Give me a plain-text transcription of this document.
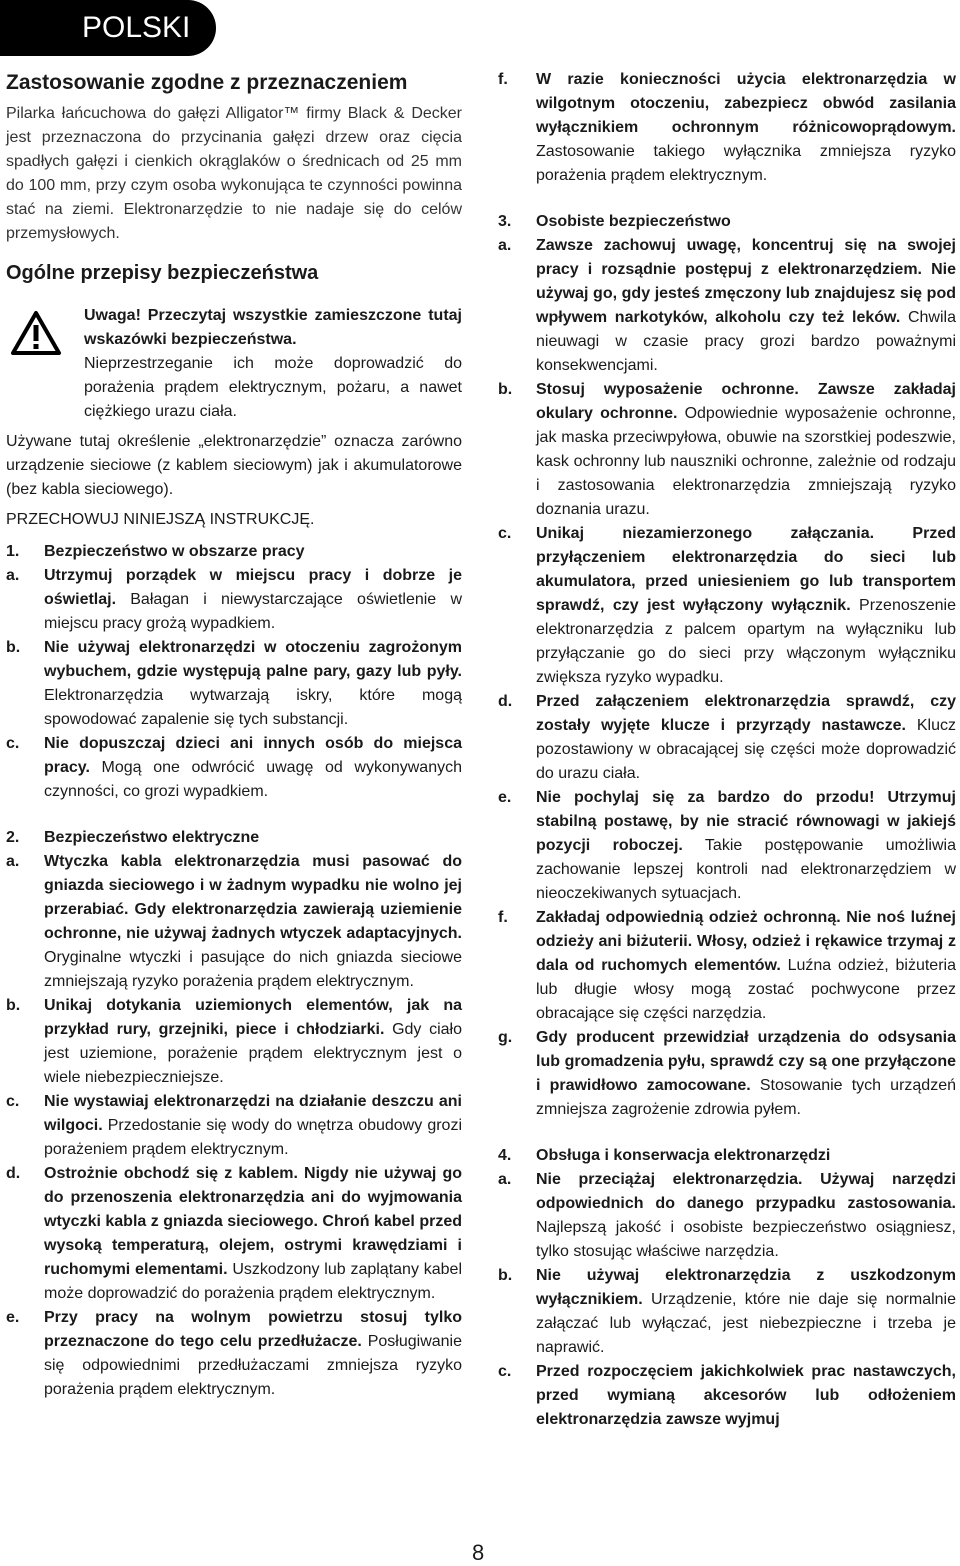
POLSKI

Zastosowanie zgodne z przeznaczeniem

Pilarka łańcuchowa do gałęzi Alligator™ firmy Black & Decker jest przeznaczona do przycinania gałęzi drzew oraz cięcia spadłych gałęzi i cienkich okrąglaków o średnicach od 25 mm do 100 mm, przy czym osoba wykonująca te czynności powinna stać na ziemi. Elektronarzędzie to nie nadaje się do celów przemysłowych.

Ogólne przepisy bezpieczeństwa

Uwaga! Przeczytaj wszystkie zamieszczone tutaj wskazówki bezpieczeństwa.

Nieprzestrzeganie ich może doprowadzić do porażenia prądem elektrycznym, pożaru, a nawet ciężkiego urazu ciała.

Używane tutaj określenie „elektronarzędzie” oznacza zarówno urządzenie sieciowe (z kablem sieciowym) jak i akumulatorowe (bez kabla sieciowego).

PRZECHOWUJ NINIEJSZĄ INSTRUKCJĘ.

1. Bezpieczeństwo w obszarze pracy

a. Utrzymuj porządek w miejscu pracy i dobrze je oświetlaj. Bałagan i niewystarczające oświetlenie w miejscu pracy grożą wypadkiem.

b. Nie używaj elektronarzędzi w otoczeniu zagrożonym wybuchem, gdzie występują palne pary, gazy lub pyły. Elektronarzędzia wytwarzają iskry, które mogą spowodować zapalenie się tych substancji.

c. Nie dopuszczaj dzieci ani innych osób do miejsca pracy. Mogą one odwrócić uwagę od wykonywanych czynności, co grozi wypadkiem.

2. Bezpieczeństwo elektryczne

a. Wtyczka kabla elektronarzędzia musi pasować do gniazda sieciowego i w żadnym wypadku nie wolno jej przerabiać. Gdy elektronarzędzia zawierają uziemienie ochronne, nie używaj żadnych wtyczek adaptacyjnych. Oryginalne wtyczki i pasujące do nich gniazda sieciowe zmniejszają ryzyko porażenia prądem elektrycznym.

b. Unikaj dotykania uziemionych elementów, jak na przykład rury, grzejniki, piece i chłodziarki. Gdy ciało jest uziemione, porażenie prądem elektrycznym jest o wiele niebezpieczniejsze.

c. Nie wystawiaj elektronarzędzi na działanie deszczu ani wilgoci. Przedostanie się wody do wnętrza obudowy grozi porażeniem prądem elektrycznym.

d. Ostrożnie obchodź się z kablem. Nigdy nie używaj go do przenoszenia elektronarzędzia ani do wyjmowania wtyczki kabla z gniazda sieciowego. Chroń kabel przed wysoką temperaturą, olejem, ostrymi krawędziami i ruchomymi elementami. Uszkodzony lub zaplątany kabel może doprowadzić do porażenia prądem elektrycznym.

e. Przy pracy na wolnym powietrzu stosuj tylko przeznaczone do tego celu przedłużacze. Posługiwanie się odpowiednimi przedłużaczami zmniejsza ryzyko porażenia prądem elektrycznym.

f. W razie konieczności użycia elektronarzędzia w wilgotnym otoczeniu, zabezpiecz obwód zasilania wyłącznikiem ochronnym różnicowoprądowym. Zastosowanie takiego wyłącznika zmniejsza ryzyko porażenia prądem elektrycznym.

3. Osobiste bezpieczeństwo

a. Zawsze zachowuj uwagę, koncentruj się na swojej pracy i rozsądnie postępuj z elektronarzędziem. Nie używaj go, gdy jesteś zmęczony lub znajdujesz się pod wpływem narkotyków, alkoholu czy też leków. Chwila nieuwagi w czasie pracy grozi bardzo poważnymi konsekwencjami.

b. Stosuj wyposażenie ochronne. Zawsze zakładaj okulary ochronne. Odpowiednie wyposażenie ochronne, jak maska przeciwpyłowa, obuwie na szorstkiej podeszwie, kask ochronny lub nauszniki ochronne, zależnie od rodzaju i zastosowania elektronarzędzia zmniejszają ryzyko doznania urazu.

c. Unikaj niezamierzonego załączania. Przed przyłączeniem elektronarzędzia do sieci lub akumulatora, przed uniesieniem go lub transportem sprawdź, czy jest wyłączony wyłącznik. Przenoszenie elektronarzędzia z palcem opartym na wyłączniku lub przyłączanie go do sieci przy włączonym wyłączniku zwiększa ryzyko wypadku.

d. Przed załączeniem elektronarzędzia sprawdź, czy zostały wyjęte klucze i przyrządy nastawcze. Klucz pozostawiony w obracającej się części może doprowadzić do urazu ciała.

e. Nie pochylaj się za bardzo do przodu! Utrzymuj stabilną postawę, by nie stracić równowagi w jakiejś pozycji roboczej. Takie postępowanie umożliwia zachowanie lepszej kontroli nad elektronarzędziem w nieoczekiwanych sytuacjach.

f. Zakładaj odpowiednią odzież ochronną. Nie noś luźnej odzieży ani biżuterii. Włosy, odzież i rękawice trzymaj z dala od ruchomych elementów. Luźna odzież, biżuteria lub długie włosy mogą zostać pochwycone przez obracające się części narzędzia.

g. Gdy producent przewidział urządzenia do odsysania lub gromadzenia pyłu, sprawdź czy są one przyłączone i prawidłowo zamocowane. Stosowanie tych urządzeń zmniejsza zagrożenie zdrowia pyłem.

4. Obsługa i konserwacja elektronarzędzi

a. Nie przeciążaj elektronarzędzia. Używaj narzędzi odpowiednich do danego przypadku zastosowania. Najlepszą jakość i osobiste bezpieczeństwo osiągniesz, tylko stosując właściwe narzędzia.

b. Nie używaj elektronarzędzia z uszkodzonym wyłącznikiem. Urządzenie, które nie daje się normalnie załączać lub wyłączać, jest niebezpieczne i trzeba je naprawić.

c. Przed rozpoczęciem jakichkolwiek prac nastawczych, przed wymianą akcesorów lub odłożeniem elektronarzędzia zawsze wyjmuj

8
